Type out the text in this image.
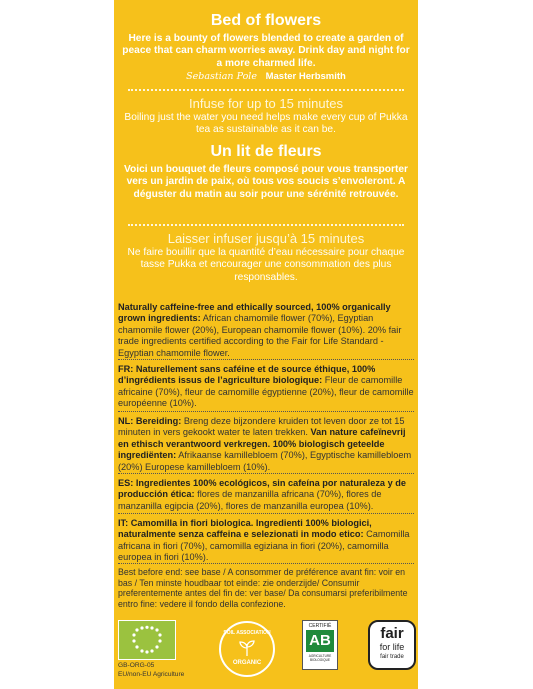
Bed of flowers

Here is a bounty of flowers blended to create a garden of peace that can charm worries away. Drink day and night for a more charmed life.

Sebastian Pole Master Herbsmith

Infuse for up to 15 minutes

Boiling just the water you need helps make every cup of Pukka tea as sustainable as it can be.

Un lit de fleurs

Voici un bouquet de fleurs composé pour vous transporter vers un jardin de paix, où tous vos soucis s’envoleront. A déguster du matin au soir pour une sérénité retrouvée.

Laisser infuser jusqu’à 15 minutes

Ne faire bouillir que la quantité d’eau nécessaire pour chaque tasse Pukka et encourager une consommation des plus responsables.

Naturally caffeine-free and ethically sourced, 100% organically grown ingredients: African chamomile flower (70%), Egyptian chamomile flower (20%), European chamomile flower (10%). 20% fair trade ingredients certified according to the Fair for Life Standard - Egyptian chamomile flower.
FR: Naturellement sans caféine et de source éthique, 100% d’ingrédients issus de l’agriculture biologique: Fleur de camomille africaine (70%), fleur de camomille égyptienne (20%), fleur de camomille européenne (10%).
NL: Bereiding: Breng deze bijzondere kruiden tot leven door ze tot 15 minuten in vers gekookt water te laten trekken. Van nature cafeïnevrij en ethisch verantwoord verkregen. 100% biologisch geteelde ingrediënten: Afrikaanse kamillebloem (70%), Egyptische kamillebloem (20%) Europese kamillebloem (10%).
ES: Ingredientes 100% ecológicos, sin cafeína por naturaleza y de producción ética: flores de manzanilla africana (70%), flores de manzanilla egipcia (20%), flores de manzanilla europea (10%).
IT: Camomilla in fiori biologica. Ingredienti 100% biologici, naturalmente senza caffeina e selezionati in modo etico: Camomilla africana in fiori (70%), camomilla egiziana in fiori (20%), camomilla europea in fiori (10%).
Best before end: see base / A consommer de préférence avant fin: voir en bas / Ten minste houdbaar tot einde: zie onderzijde/ Consumir preferentemente antes del fin de: ver base/ Da consumarsi preferibilmente entro fine: vedere il fondo della confezione.
GB-ORG-05
EU/non-EU Agriculture
SOIL ASSOCIATION
ORGANIC
CERTIFIÉ
AB
AGRICULTURE BIOLOGIQUE
fair
for life
fair trade
